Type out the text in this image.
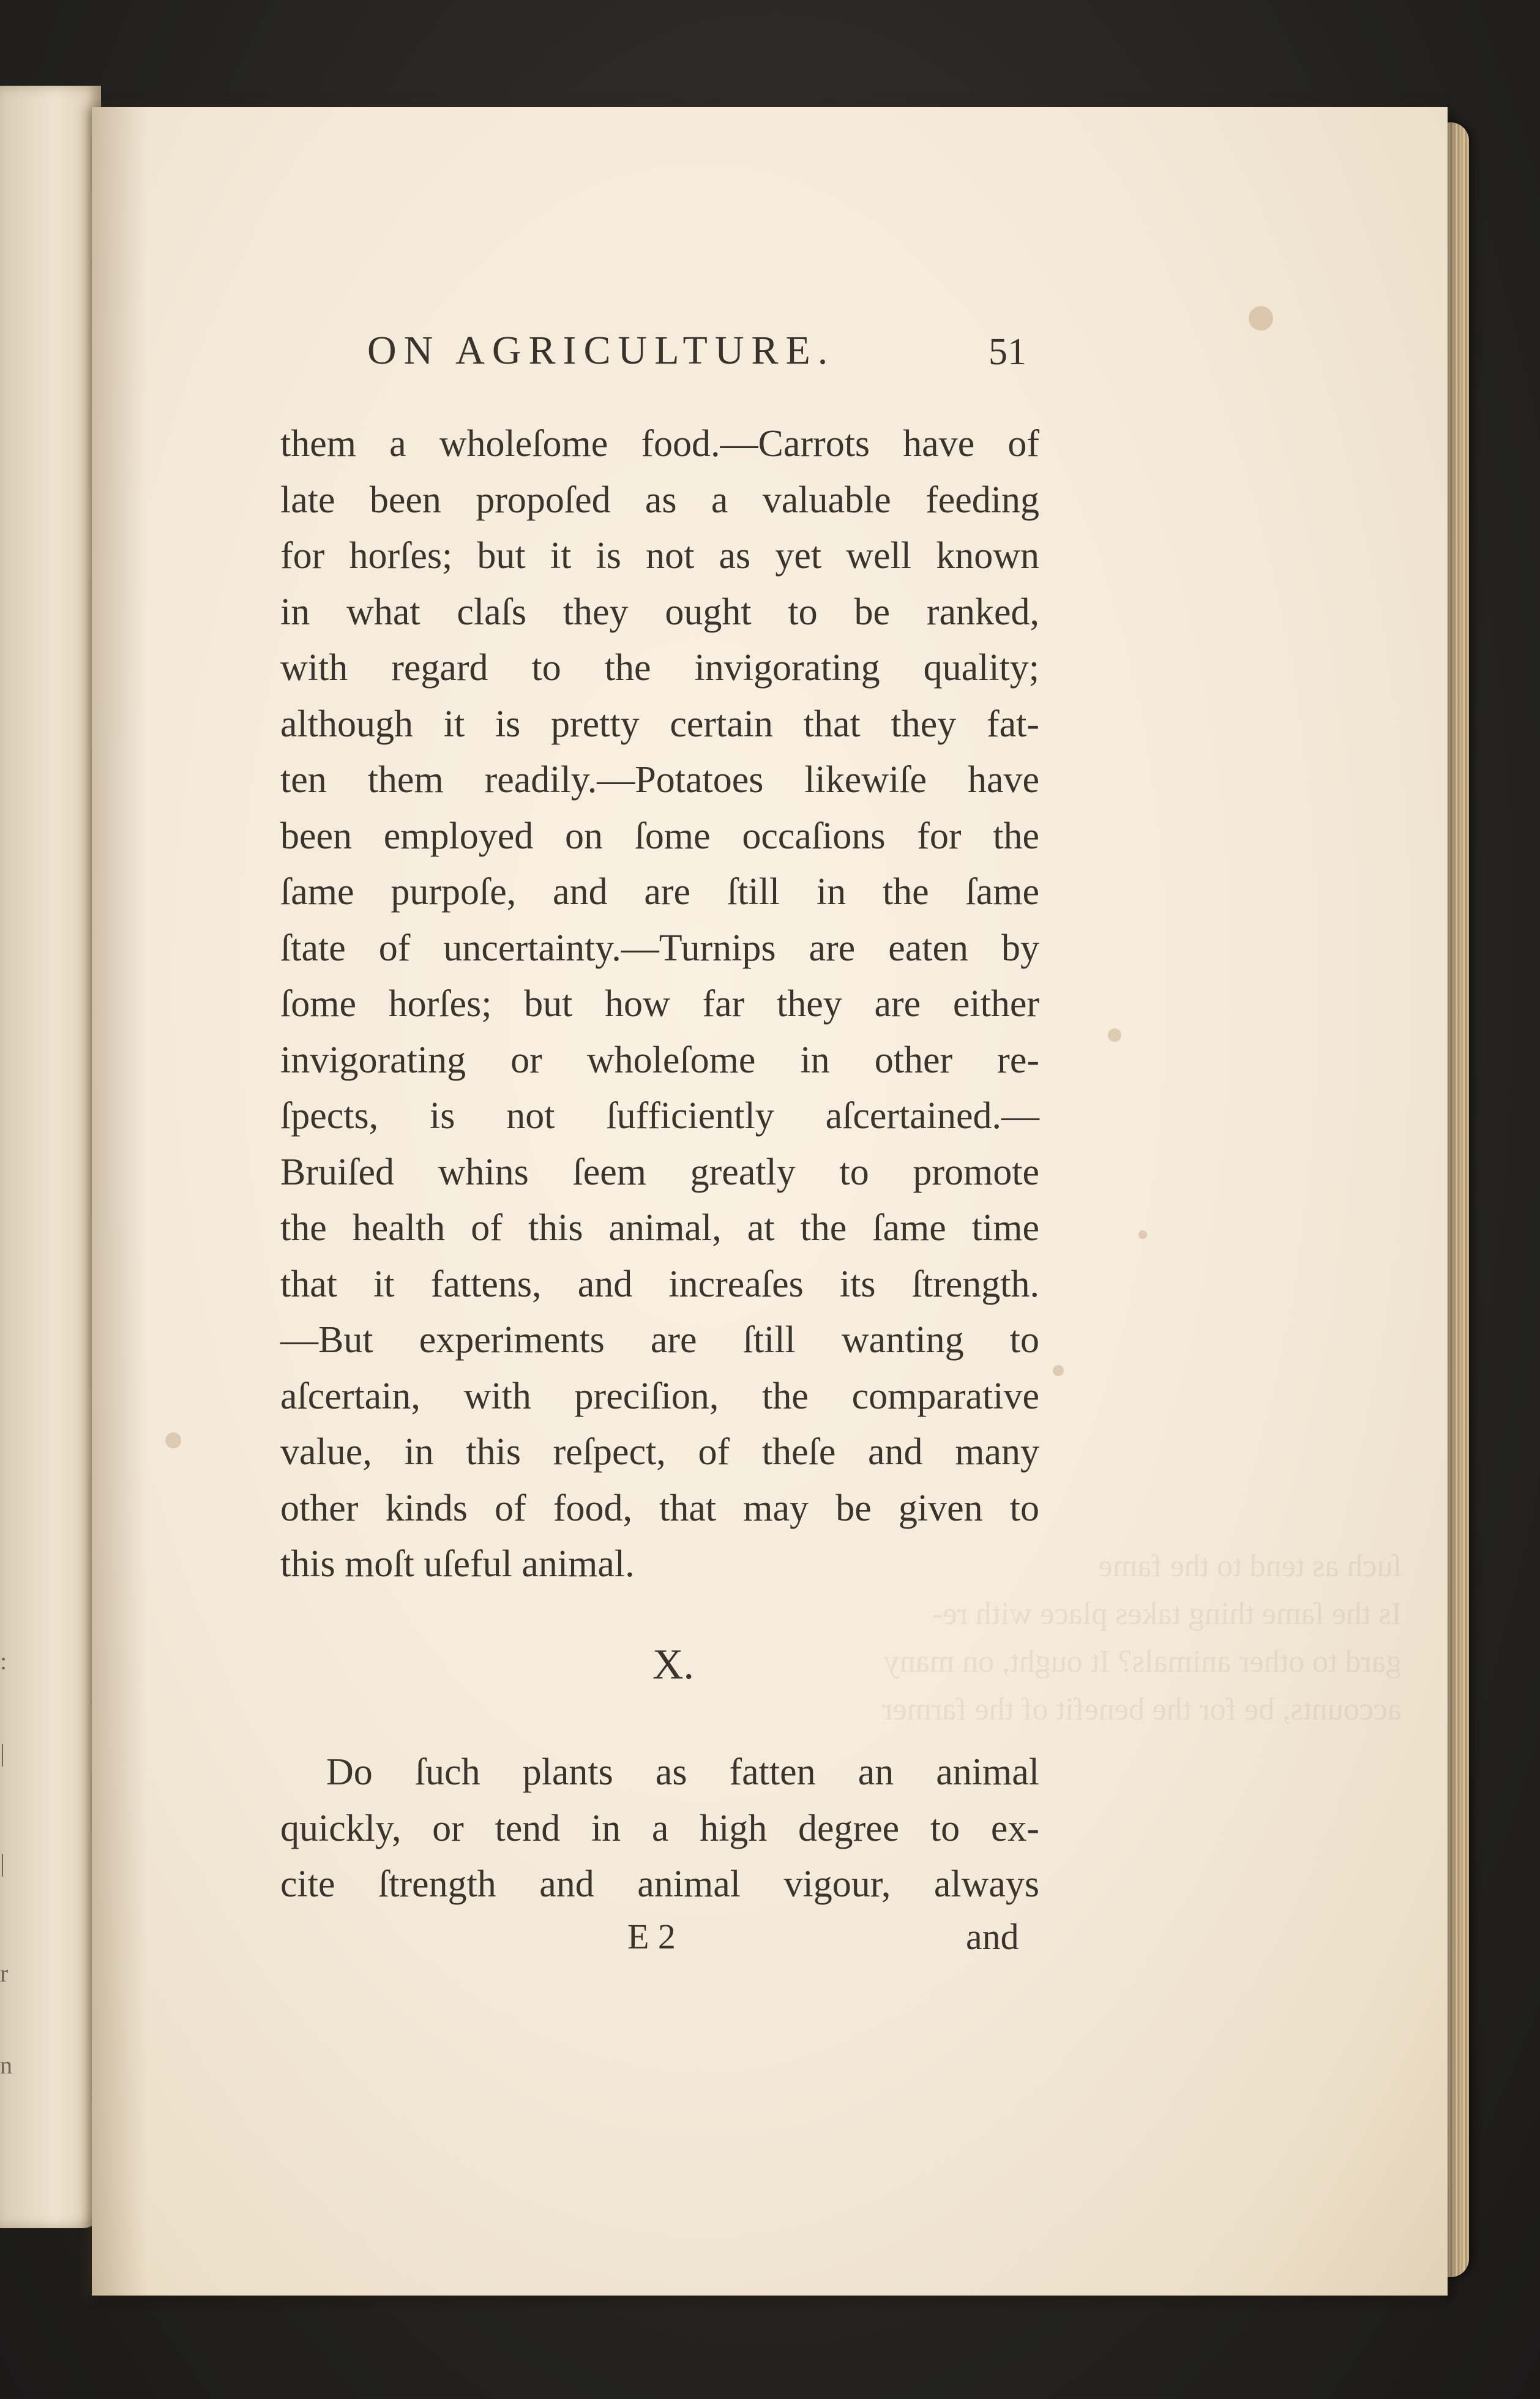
:
|
|
r
n
ſuch as tend to the fame
Is the ſame thing takes place with re-
gard to other animals? It ought, on many
accounts, be for the benefit of the farmer
ON AGRICULTURE.	51
them a wholeſome food.—Carrots have of
late been propoſed as a valuable feeding
for horſes; but it is not as yet well known
in what claſs they ought to be ranked,
with regard to the invigorating quality;
although it is pretty certain that they fat-
ten them readily.—Potatoes likewiſe have
been employed on ſome occaſions for the
ſame purpoſe, and are ſtill in the ſame
ſtate of uncertainty.—Turnips are eaten by
ſome horſes; but how far they are either
invigorating or wholeſome in other re-
ſpects, is not ſufficiently aſcertained.—
Bruiſed whins ſeem greatly to promote
the health of this animal, at the ſame time
that it fattens, and increaſes its ſtrength.
—But experiments are ſtill wanting to
aſcertain, with preciſion, the comparative
value, in this reſpect, of theſe and many
other kinds of food, that may be given to
this moſt uſeful animal.
X.
Do ſuch plants as fatten an animal
quickly, or tend in a high degree to ex-
cite ſtrength and animal vigour, always
E 2	and
